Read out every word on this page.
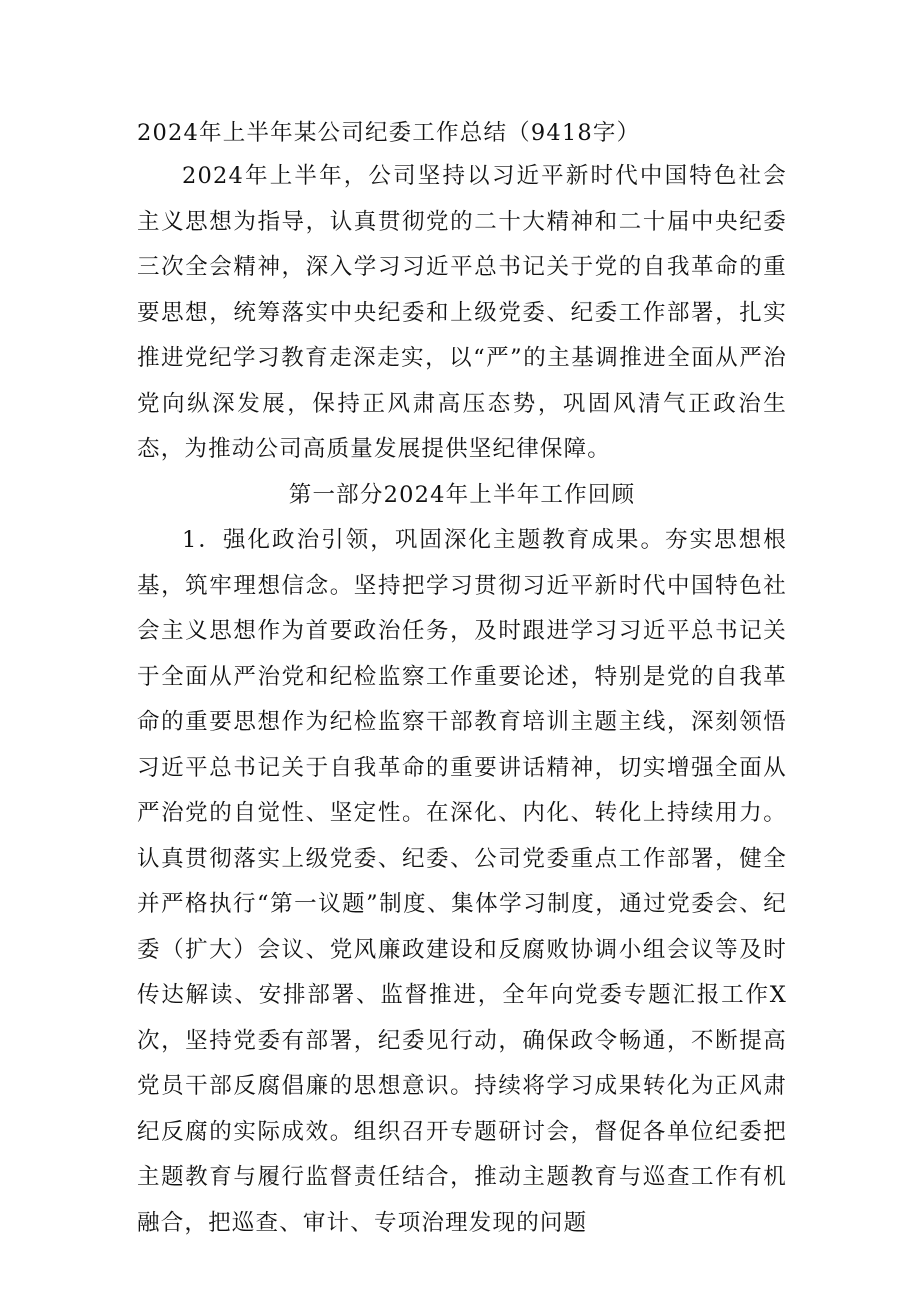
2024年上半年某公司纪委工作总结（9418字）

2024年上半年，公司坚持以习近平新时代中国特色社会主义思想为指导，认真贯彻党的二十大精神和二十届中央纪委三次全会精神，深入学习习近平总书记关于党的自我革命的重要思想，统筹落实中央纪委和上级党委、纪委工作部署，扎实推进党纪学习教育走深走实，以“严”的主基调推进全面从严治党向纵深发展，保持正风肃高压态势，巩固风清气正政治生态，为推动公司高质量发展提供坚纪律保障。

第一部分2024年上半年工作回顾

1．强化政治引领，巩固深化主题教育成果。夯实思想根基，筑牢理想信念。坚持把学习贯彻习近平新时代中国特色社会主义思想作为首要政治任务，及时跟进学习习近平总书记关于全面从严治党和纪检监察工作重要论述，特别是党的自我革命的重要思想作为纪检监察干部教育培训主题主线，深刻领悟习近平总书记关于自我革命的重要讲话精神，切实增强全面从严治党的自觉性、坚定性。在深化、内化、转化上持续用力。认真贯彻落实上级党委、纪委、公司党委重点工作部署，健全并严格执行“第一议题”制度、集体学习制度，通过党委会、纪委（扩大）会议、党风廉政建设和反腐败协调小组会议等及时传达解读、安排部署、监督推进，全年向党委专题汇报工作X次，坚持党委有部署，纪委见行动，确保政令畅通，不断提高党员干部反腐倡廉的思想意识。持续将学习成果转化为正风肃纪反腐的实际成效。组织召开专题研讨会，督促各单位纪委把主题教育与履行监督责任结合，推动主题教育与巡查工作有机融合，把巡查、审计、专项治理发现的问题
